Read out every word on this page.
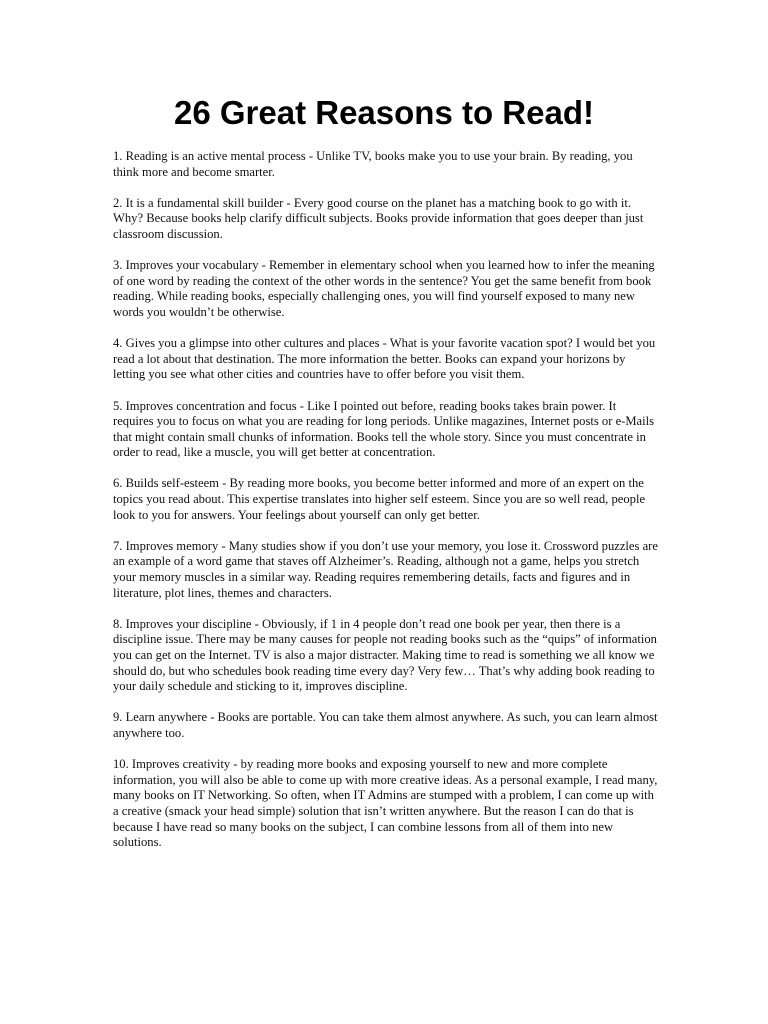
26 Great Reasons to Read!

1. Reading is an active mental process - Unlike TV, books make you to use your brain. By reading, you think more and become smarter.

2. It is a fundamental skill builder - Every good course on the planet has a matching book to go with it. Why? Because books help clarify difficult subjects. Books provide information that goes deeper than just classroom discussion.

3. Improves your vocabulary - Remember in elementary school when you learned how to infer the meaning of one word by reading the context of the other words in the sentence? You get the same benefit from book reading. While reading books, especially challenging ones, you will find yourself exposed to many new words you wouldn’t be otherwise.

4. Gives you a glimpse into other cultures and places - What is your favorite vacation spot? I would bet you read a lot about that destination. The more information the better. Books can expand your horizons by letting you see what other cities and countries have to offer before you visit them.

5. Improves concentration and focus - Like I pointed out before, reading books takes brain power. It requires you to focus on what you are reading for long periods. Unlike magazines, Internet posts or e-Mails that might contain small chunks of information. Books tell the whole story. Since you must concentrate in order to read, like a muscle, you will get better at concentration.

6. Builds self-esteem - By reading more books, you become better informed and more of an expert on the topics you read about. This expertise translates into higher self esteem. Since you are so well read, people look to you for answers. Your feelings about yourself can only get better.

7. Improves memory - Many studies show if you don’t use your memory, you lose it. Crossword puzzles are an example of a word game that staves off Alzheimer’s. Reading, although not a game, helps you stretch your memory muscles in a similar way. Reading requires remembering details, facts and figures and in literature, plot lines, themes and characters.

8. Improves your discipline - Obviously, if 1 in 4 people don’t read one book per year, then there is a discipline issue. There may be many causes for people not reading books such as the “quips” of information you can get on the Internet. TV is also a major distracter. Making time to read is something we all know we should do, but who schedules book reading time every day? Very few… That’s why adding book reading to your daily schedule and sticking to it, improves discipline.

9. Learn anywhere - Books are portable. You can take them almost anywhere. As such, you can learn almost anywhere too.

10. Improves creativity - by reading more books and exposing yourself to new and more complete information, you will also be able to come up with more creative ideas. As a personal example, I read many, many books on IT Networking. So often, when IT Admins are stumped with a problem, I can come up with a creative (smack your head simple) solution that isn’t written anywhere. But the reason I can do that is because I have read so many books on the subject, I can combine lessons from all of them into new solutions.
